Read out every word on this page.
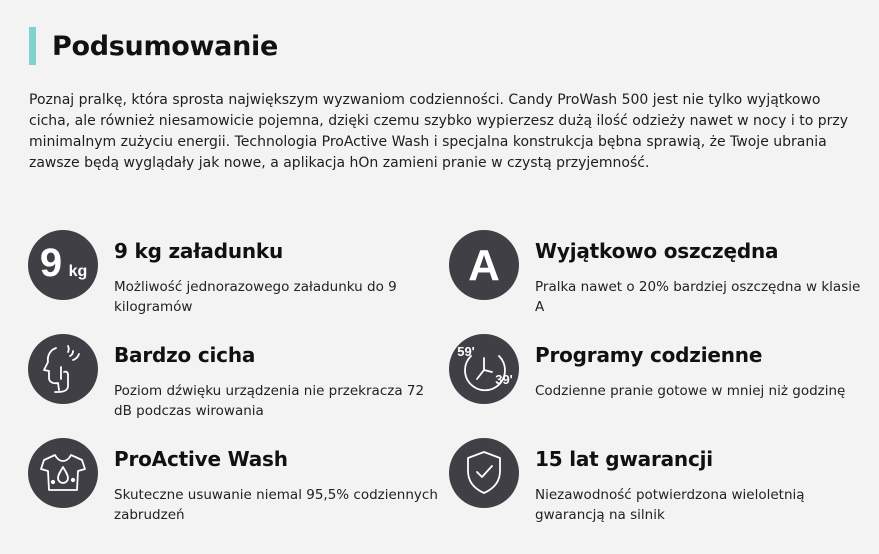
Podsumowanie
Poznaj pralkę, która sprosta największym wyzwaniom codzienności. Candy ProWash 500 jest nie tylko wyjątkowo cicha, ale również niesamowicie pojemna, dzięki czemu szybko wypierzesz dużą ilość odzieży nawet w nocy i to przy minimalnym zużyciu energii. Technologia ProActive Wash i specjalna konstrukcja bębna sprawią, że Twoje ubrania zawsze będą wyglądały jak nowe, a aplikacja hOn zamieni pranie w czystą przyjemność.
9 kg
9 kg załadunku
Możliwość jednorazowego załadunku do 9 kilogramów
A Wyjątkowo oszczędna
Pralka nawet o 20% bardziej oszczędna w klasie A
Bardzo cicha
Poziom dźwięku urządzenia nie przekracza 72 dB podczas wirowania
59'
39'
Programy codzienne
Codzienne pranie gotowe w mniej niż godzinę
ProActive Wash
Skuteczne usuwanie niemal 95,5% codziennych zabrudzeń
15 lat gwarancji
Niezawodność potwierdzona wieloletnią gwarancją na silnik
